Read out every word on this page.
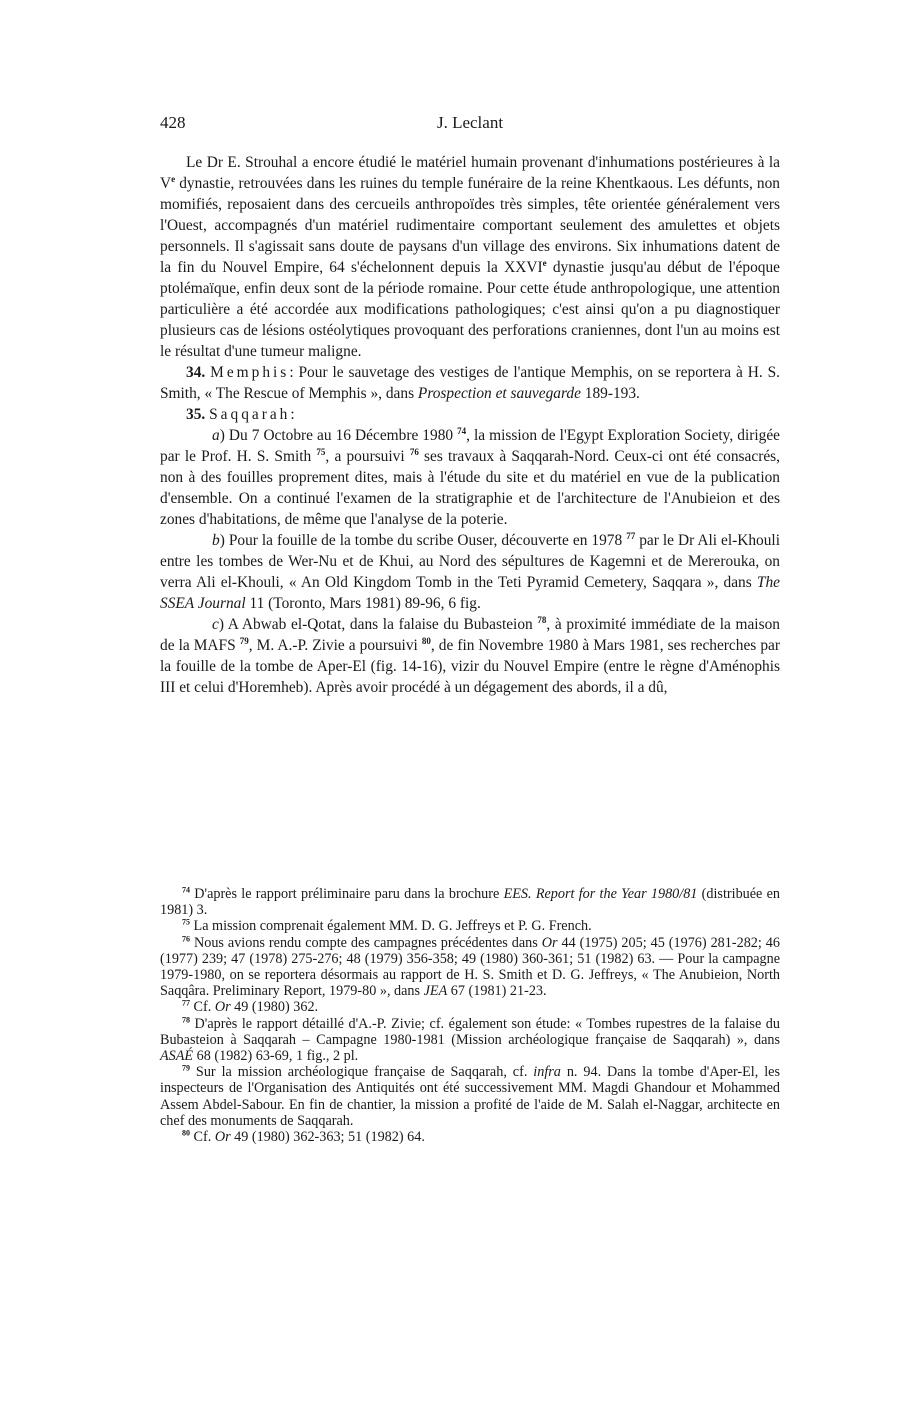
428	J. Leclant

Le Dr E. Strouhal a encore étudié le matériel humain provenant d'inhumations postérieures à la Ve dynastie, retrouvées dans les ruines du temple funéraire de la reine Khentkaous. Les défunts, non momifiés, reposaient dans des cercueils anthropoïdes très simples, tête orientée généralement vers l'Ouest, accompagnés d'un matériel rudimentaire comportant seulement des amulettes et objets personnels. Il s'agissait sans doute de paysans d'un village des environs. Six inhumations datent de la fin du Nouvel Empire, 64 s'échelonnent depuis la XXVIe dynastie jusqu'au début de l'époque ptolémaïque, enfin deux sont de la période romaine. Pour cette étude anthropologique, une attention particulière a été accordée aux modifications pathologiques; c'est ainsi qu'on a pu diagnostiquer plusieurs cas de lésions ostéolytiques provoquant des perforations craniennes, dont l'un au moins est le résultat d'une tumeur maligne.

34. Memphis: Pour le sauvetage des vestiges de l'antique Memphis, on se reportera à H. S. Smith, « The Rescue of Memphis », dans Prospection et sauvegarde 189-193.

35. Saqqarah:

a) Du 7 Octobre au 16 Décembre 1980 $^{74}$, la mission de l'Egypt Exploration Society, dirigée par le Prof. H. S. Smith $^{75}$, a poursuivi $^{76}$ ses travaux à Saqqarah-Nord. Ceux-ci ont été consacrés, non à des fouilles proprement dites, mais à l'étude du site et du matériel en vue de la publication d'ensemble. On a continué l'examen de la stratigraphie et de l'architecture de l'Anubieion et des zones d'habitations, de même que l'analyse de la poterie.

b) Pour la fouille de la tombe du scribe Ouser, découverte en 1978 $^{77}$ par le Dr Ali el-Khouli entre les tombes de Wer-Nu et de Khui, au Nord des sépultures de Kagemni et de Mererouka, on verra Ali el-Khouli, « An Old Kingdom Tomb in the Teti Pyramid Cemetery, Saqqara », dans The SSEA Journal 11 (Toronto, Mars 1981) 89-96, 6 fig.

c) A Abwab el-Qotat, dans la falaise du Bubasteion $^{78}$, à proximité immédiate de la maison de la MAFS $^{79}$, M. A.-P. Zivie a poursuivi $^{80}$, de fin Novembre 1980 à Mars 1981, ses recherches par la fouille de la tombe de Aper-El (fig. 14-16), vizir du Nouvel Empire (entre le règne d'Aménophis III et celui d'Horemheb). Après avoir procédé à un dégagement des abords, il a dû,

$^{74}$ D'après le rapport préliminaire paru dans la brochure EES. Report for the Year 1980/81 (distribuée en 1981) 3.

$^{75}$ La mission comprenait également MM. D. G. Jeffreys et P. G. French.

$^{76}$ Nous avions rendu compte des campagnes précédentes dans Or 44 (1975) 205; 45 (1976) 281-282; 46 (1977) 239; 47 (1978) 275-276; 48 (1979) 356-358; 49 (1980) 360-361; 51 (1982) 63. — Pour la campagne 1979-1980, on se reportera désormais au rapport de H. S. Smith et D. G. Jeffreys, « The Anubieion, North Saqqâra. Preliminary Report, 1979-80 », dans JEA 67 (1981) 21-23.

$^{77}$ Cf. Or 49 (1980) 362.

$^{78}$ D'après le rapport détaillé d'A.-P. Zivie; cf. également son étude: « Tombes rupestres de la falaise du Bubasteion à Saqqarah – Campagne 1980-1981 (Mission archéologique française de Saqqarah) », dans ASAÉ 68 (1982) 63-69, 1 fig., 2 pl.

$^{79}$ Sur la mission archéologique française de Saqqarah, cf. infra n. 94. Dans la tombe d'Aper-El, les inspecteurs de l'Organisation des Antiquités ont été successivement MM. Magdi Ghandour et Mohammed Assem Abdel-Sabour. En fin de chantier, la mission a profité de l'aide de M. Salah el-Naggar, architecte en chef des monuments de Saqqarah.

$^{80}$ Cf. Or 49 (1980) 362-363; 51 (1982) 64.
